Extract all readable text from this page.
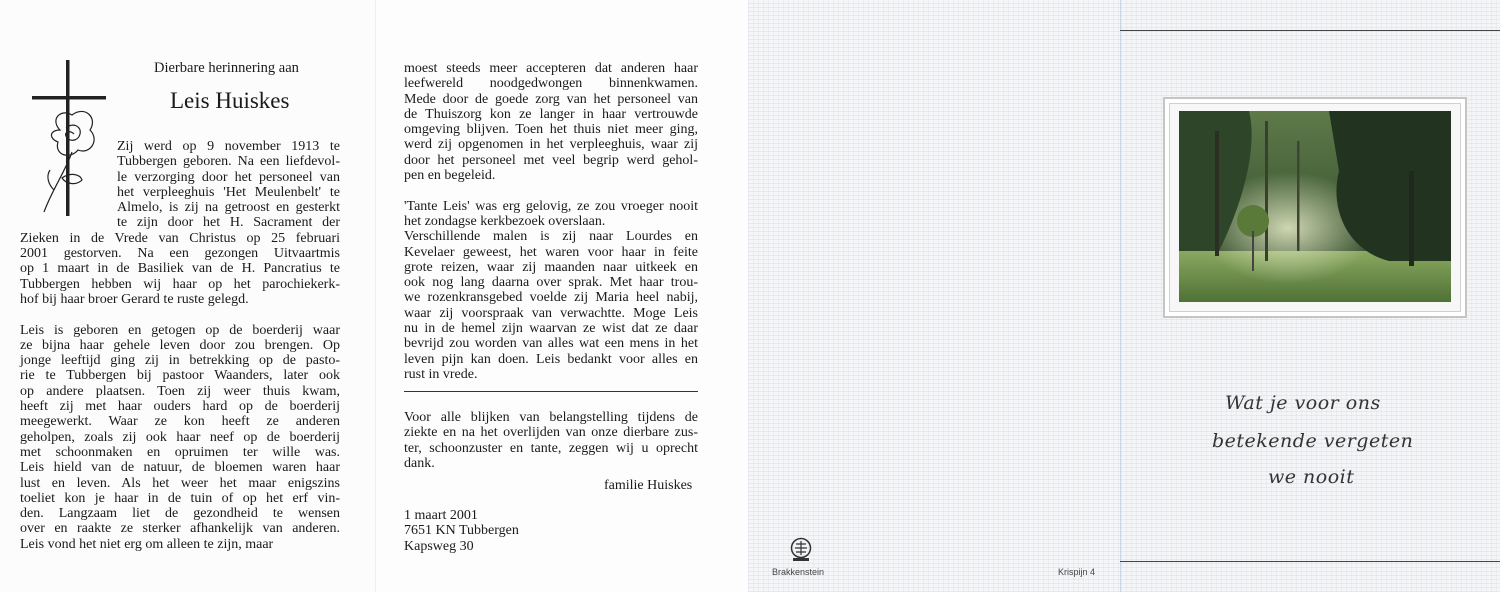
Dierbare herinnering aan
Leis Huiskes

Zij werd op 9 november 1913 te

Tubbergen geboren. Na een liefdevol-

le verzorging door het personeel van

het verpleeghuis 'Het Meulenbelt' te

Almelo, is zij na getroost en gesterkt

te zijn door het H. Sacrament der

Zieken in de Vrede van Christus op 25 februari

2001 gestorven. Na een gezongen Uitvaartmis

op 1 maart in de Basiliek van de H. Pancratius te

Tubbergen hebben wij haar op het parochiekerk-

hof bij haar broer Gerard te ruste gelegd.

Leis is geboren en getogen op de boerderij waar

ze bijna haar gehele leven door zou brengen. Op

jonge leeftijd ging zij in betrekking op de pasto-

rie te Tubbergen bij pastoor Waanders, later ook

op andere plaatsen. Toen zij weer thuis kwam,

heeft zij met haar ouders hard op de boerderij

meegewerkt. Waar ze kon heeft ze anderen

geholpen, zoals zij ook haar neef op de boerderij

met schoonmaken en opruimen ter wille was.

Leis hield van de natuur, de bloemen waren haar

lust en leven. Als het weer het maar enigszins

toeliet kon je haar in de tuin of op het erf vin-

den. Langzaam liet de gezondheid te wensen

over en raakte ze sterker afhankelijk van anderen.

Leis vond het niet erg om alleen te zijn, maar

moest steeds meer accepteren dat anderen haar

leefwereld noodgedwongen binnenkwamen.

Mede door de goede zorg van het personeel van

de Thuiszorg kon ze langer in haar vertrouwde

omgeving blijven. Toen het thuis niet meer ging,

werd zij opgenomen in het verpleeghuis, waar zij

door het personeel met veel begrip werd gehol-

pen en begeleid.

'Tante Leis' was erg gelovig, ze zou vroeger nooit

het zondagse kerkbezoek overslaan.

Verschillende malen is zij naar Lourdes en

Kevelaer geweest, het waren voor haar in feite

grote reizen, waar zij maanden naar uitkeek en

ook nog lang daarna over sprak. Met haar trou-

we rozenkransgebed voelde zij Maria heel nabij,

waar zij voorspraak van verwachtte. Moge Leis

nu in de hemel zijn waarvan ze wist dat ze daar

bevrijd zou worden van alles wat een mens in het

leven pijn kan doen. Leis bedankt voor alles en

rust in vrede.

Voor alle blijken van belangstelling tijdens de

ziekte en na het overlijden van onze dierbare zus-

ter, schoonzuster en tante, zeggen wij u oprecht

dank.

familie Huiskes

1 maart 2001

7651 KN Tubbergen

Kapsweg 30

Brakkenstein	Krispijn 4
Wat je voor ons
betekende vergeten
we nooit
